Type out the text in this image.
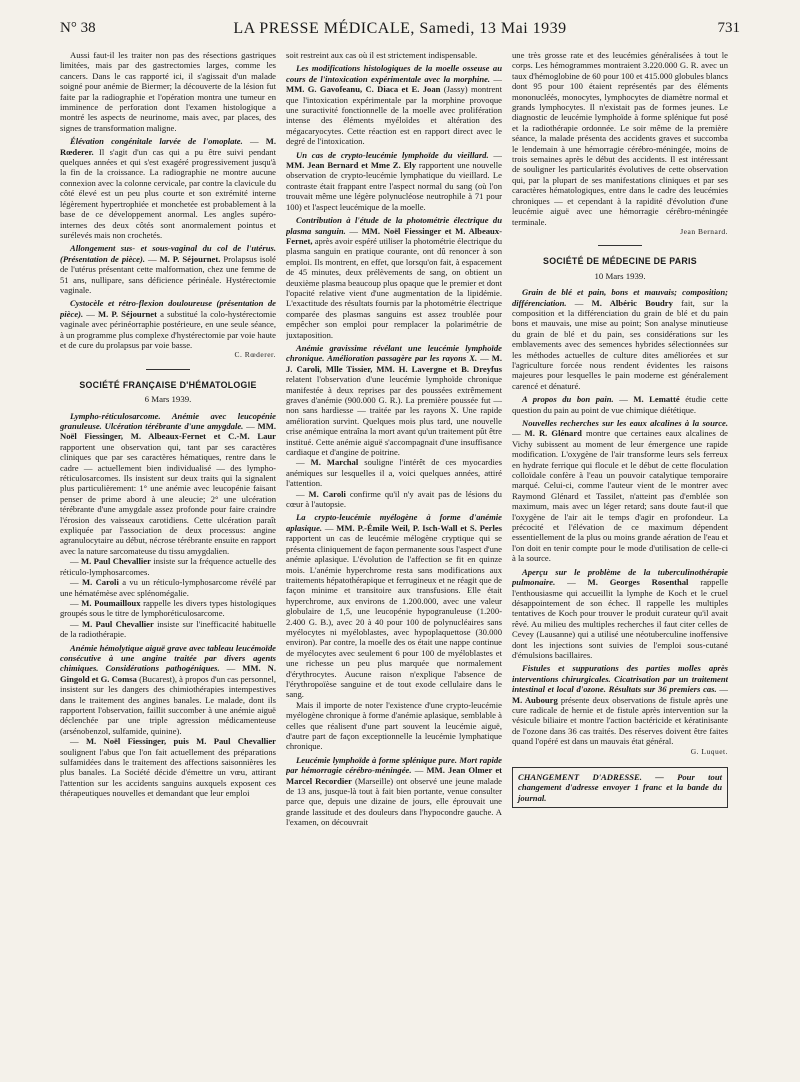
N° 38	LA PRESSE MÉDICALE, Samedi, 13 Mai 1939	731

Aussi faut-il les traiter non pas des résections gastriques limitées, mais par des gastrectomies larges, comme les cancers. Dans le cas rapporté ici, il s'agissait d'un malade soigné pour anémie de Biermer; la découverte de la lésion fut faite par la radiographie et l'opération montra une tumeur en imminence de perforation dont l'examen histologique a montré les aspects de neurinome, mais avec, par places, des signes de transformation maligne.

Élévation congénitale larvée de l'omoplate. — M. Rœderer. Il s'agit d'un cas qui a pu être suivi pendant quelques années et qui s'est exagéré progressivement jusqu'à la fin de la croissance. La radiographie ne montre aucune connexion avec la colonne cervicale, par contre la clavicule du côté élevé est un peu plus courte et son extrémité interne légèrement hypertrophiée et monchetée est probablement à la base de ce développement anormal. Les angles supéro-internes des deux côtés sont anormalement pointus et surélevés mais non crochetés.

Allongement sus- et sous-vaginal du col de l'utérus. (Présentation de pièce). — M. P. Séjournet. Prolapsus isolé de l'utérus présentant cette malformation, chez une femme de 51 ans, nullipare, sans déficience périnéale. Hystérectomie vaginale.

Cystocèle et rétro-flexion douloureuse (présentation de pièce). — M. P. Séjournet a substitué la colo-hystérectomie vaginale avec périnéorraphie postérieure, en une seule séance, à un programme plus complexe d'hystérectomie par voie haute et de cure du prolapsus par voie basse.

C. Rœderer.

SOCIÉTÉ FRANÇAISE D'HÉMATOLOGIE
6 Mars 1939.

Lympho-réticulosarcome. Anémie avec leucopénie granuleuse. Ulcération térébrante d'une amygdale. — MM. Noël Fiessinger, M. Albeaux-Fernet et C.-M. Laur rapportent une observation qui, tant par ses caractères cliniques que par ses caractères hématiques, rentre dans le cadre — actuellement bien individualisé — des lympho-réticulosarcomes. Ils insistent sur deux traits qui la signalent plus particulièrement: 1° une anémie avec leucopénie faisant penser de prime abord à une aleucie; 2° une ulcération térébrante d'une amygdale assez profonde pour faire craindre l'érosion des vaisseaux carotidiens. Cette ulcération paraît expliquée par l'association de deux processus: angine agranulocytaire au début, nécrose térébrante ensuite en rapport avec la nature sarcomateuse du tissu amygdalien.

— M. Paul Chevallier insiste sur la fréquence actuelle des réticulo-lymphosarcomes.

— M. Caroli a vu un réticulo-lymphosarcome révélé par une hématémèse avec splénomégalie.

— M. Poumailloux rappelle les divers types histologiques groupés sous le titre de lymphoréticulosarcome.

— M. Paul Chevallier insiste sur l'inefficacité habituelle de la radiothérapie.

Anémie hémolytique aiguë grave avec tableau leucémoïde consécutive à une angine traitée par divers agents chimiques. Considérations pathogéniques. — MM. N. Gingold et G. Comsa (Bucarest), à propos d'un cas personnel, insistent sur les dangers des chimiothérapies intempestives dans le traitement des angines banales. Le malade, dont ils rapportent l'observation, faillit succomber à une anémie aiguë déclenchée par une triple agression médicamenteuse (arsénobenzol, sulfamide, quinine).

— M. Noël Fiessinger, puis M. Paul Chevallier soulignent l'abus que l'on fait actuellement des préparations sulfamidées dans le traitement des affections saisonnières les plus banales. La Société décide d'émettre un vœu, attirant l'attention sur les accidents sanguins auxquels exposent ces thérapeutiques nouvelles et demandant que leur emploi

soit restreint aux cas où il est strictement indispensable.

Les modifications histologiques de la moelle osseuse au cours de l'intoxication expérimentale avec la morphine. — MM. G. Gavofeanu, C. Diaca et E. Joan (Jassy) montrent que l'intoxication expérimentale par la morphine provoque une suractivité fonctionnelle de la moelle avec prolifération intense des éléments myéloïdes et altération des mégacaryocytes. Cette réaction est en rapport direct avec le degré de l'intoxication.

Un cas de crypto-leucémie lymphoïde du vieillard. — MM. Jean Bernard et Mme Z. Ely rapportent une nouvelle observation de crypto-leucémie lymphatique du vieillard. Le contraste était frappant entre l'aspect normal du sang (où l'on trouvait même une légère polynucléose neutrophile à 71 pour 100) et l'aspect leucémique de la moelle.

Contribution à l'étude de la photométrie électrique du plasma sanguin. — MM. Noël Fiessinger et M. Albeaux-Fernet, après avoir espéré utiliser la photométrie électrique du plasma sanguin en pratique courante, ont dû renoncer à son emploi. Ils montrent, en effet, que lorsqu'on fait, à espacement de 45 minutes, deux prélèvements de sang, on obtient un deuxième plasma beaucoup plus opaque que le premier et dont l'opacité relative vient d'une augmentation de la lipidémie. L'exactitude des résultats fournis par la photométrie électrique comparée des plasmas sanguins est assez troublée pour empêcher son emploi pour remplacer la polarimétrie de juxtaposition.

Anémie gravissime révélant une leucémie lymphoïde chronique. Amélioration passagère par les rayons X. — M. J. Caroli, Mlle Tissier, MM. H. Lavergne et B. Dreyfus relatent l'observation d'une leucémie lymphoïde chronique manifestée à deux reprises par des poussées extrêmement graves d'anémie (900.000 G. R.). La première poussée fut — non sans hardiesse — traitée par les rayons X. Une rapide amélioration survint. Quelques mois plus tard, une nouvelle crise anémique entraîna la mort avant qu'un traitement pût être institué. Cette anémie aiguë s'accompagnait d'une insuffisance cardiaque et d'angine de poitrine.

— M. Marchal souligne l'intérêt de ces myocardies anémiques sur lesquelles il a, voici quelques années, attiré l'attention.

— M. Caroli confirme qu'il n'y avait pas de lésions du cœur à l'autopsie.

La crypto-leucémie myélogène à forme d'anémie aplasique. — MM. P.-Émile Weil, P. Isch-Wall et S. Perles rapportent un cas de leucémie mélogène cryptique qui se présenta cliniquement de façon permanente sous l'aspect d'une anémie aplasique. L'évolution de l'affection se fit en quinze mois. L'anémie hyperchrome resta sans modifications aux traitements hépatothérapique et ferrugineux et ne réagit que de façon minime et transitoire aux transfusions. Elle était hyperchrome, aux environs de 1.200.000, avec une valeur globulaire de 1,5, une leucopénie hypogranuleuse (1.200-2.400 G. B.), avec 20 à 40 pour 100 de polynucléaires sans myélocytes ni myéloblastes, avec hypoplaquettose (30.000 environ). Par contre, la moelle des os était une nappe continue de myélocytes avec seulement 6 pour 100 de myéloblastes et une richesse un peu plus marquée que normalement d'érythrocytes. Aucune raison n'explique l'absence de l'érythropoïèse sanguine et de tout exode cellulaire dans le sang.

Mais il importe de noter l'existence d'une crypto-leucémie myélogène chronique à forme d'anémie aplasique, semblable à celles que réalisent d'une part souvent la leucémie aiguë, d'autre part de façon exceptionnelle la leucémie lymphatique chronique.

Leucémie lymphoïde à forme splénique pure. Mort rapide par hémorragie cérébro-méningée. — MM. Jean Olmer et Marcel Recordier (Marseille) ont observé une jeune malade de 13 ans, jusque-là tout à fait bien portante, venue consulter parce que, depuis une dizaine de jours, elle éprouvait une grande lassitude et des douleurs dans l'hypocondre gauche. A l'examen, on découvrait

une très grosse rate et des leucémies généralisées à tout le corps. Les hémogrammes montraient 3.220.000 G. R. avec un taux d'hémoglobine de 60 pour 100 et 415.000 globules blancs dont 95 pour 100 étaient représentés par des éléments mononucléés, monocytes, lymphocytes de diamètre normal et grands lymphocytes. Il n'existait pas de formes jeunes. Le diagnostic de leucémie lymphoïde à forme splénique fut posé et la radiothérapie ordonnée. Le soir même de la première séance, la malade présenta des accidents graves et succomba le lendemain à une hémorragie cérébro-méningée, moins de trois semaines après le début des accidents. Il est intéressant de souligner les particularités évolutives de cette observation qui, par la plupart de ses manifestations cliniques et par ses caractères hématologiques, entre dans le cadre des leucémies chroniques — et cependant à la rapidité d'évolution d'une leucémie aiguë avec une hémorragie cérébro-méningée terminale.

Jean Bernard.

SOCIÉTÉ DE MÉDECINE DE PARIS
10 Mars 1939.

Grain de blé et pain, bons et mauvais; composition; différenciation. — M. Albéric Boudry fait, sur la composition et la différenciation du grain de blé et du pain bons et mauvais, une mise au point; Son analyse minutieuse du grain de blé et du pain, ses considérations sur les emblavements avec des semences hybrides sélectionnées sur les méthodes actuelles de culture dites améliorées et sur l'agriculture forcée nous rendent évidentes les raisons majeures pour lesquelles le pain moderne est généralement carencé et dénaturé.

A propos du bon pain. — M. Lematté étudie cette question du pain au point de vue chimique diététique.

Nouvelles recherches sur les eaux alcalines à la source. — M. R. Glénard montre que certaines eaux alcalines de Vichy subissent au moment de leur émergence une rapide modification. L'oxygène de l'air transforme leurs sels ferreux en hydrate ferrique qui flocule et le début de cette floculation colloïdale confère à l'eau un pouvoir catalytique temporaire marqué. Celui-ci, comme l'auteur vient de le montrer avec Raymond Glénard et Tassilet, n'atteint pas d'emblée son maximum, mais avec un léger retard; sans doute faut-il que l'oxygène de l'air ait le temps d'agir en profondeur. La précocité et l'élévation de ce maximum dépendent essentiellement de la plus ou moins grande aération de l'eau et l'on doit en tenir compte pour le mode d'utilisation de celle-ci à la source.

Aperçu sur le problème de la tuberculinothérapie pulmonaire. — M. Georges Rosenthal rappelle l'enthousiasme qui accueillit la lymphe de Koch et le cruel désappointement de son échec. Il rappelle les multiples tentatives de Koch pour trouver le produit curateur qu'il avait rêvé. Au milieu des multiples recherches il faut citer celles de Cevey (Lausanne) qui a utilisé une néotuberculine inoffensive dont les injections sont suivies de l'emploi sous-cutané d'émulsions bacillaires.

Fistules et suppurations des parties molles après interventions chirurgicales. Cicatrisation par un traitement intestinal et local d'ozone. Résultats sur 36 premiers cas. — M. Aubourg présente deux observations de fistule après une cure radicale de hernie et de fistule après intervention sur la vésicule biliaire et montre l'action bactéricide et kératinisante de l'ozone dans 36 cas traités. Des réserves doivent être faites quand l'opéré est dans un mauvais état général.

G. Luquet.

CHANGEMENT D'ADRESSE. — Pour tout changement d'adresse envoyer 1 franc et la bande du journal.
